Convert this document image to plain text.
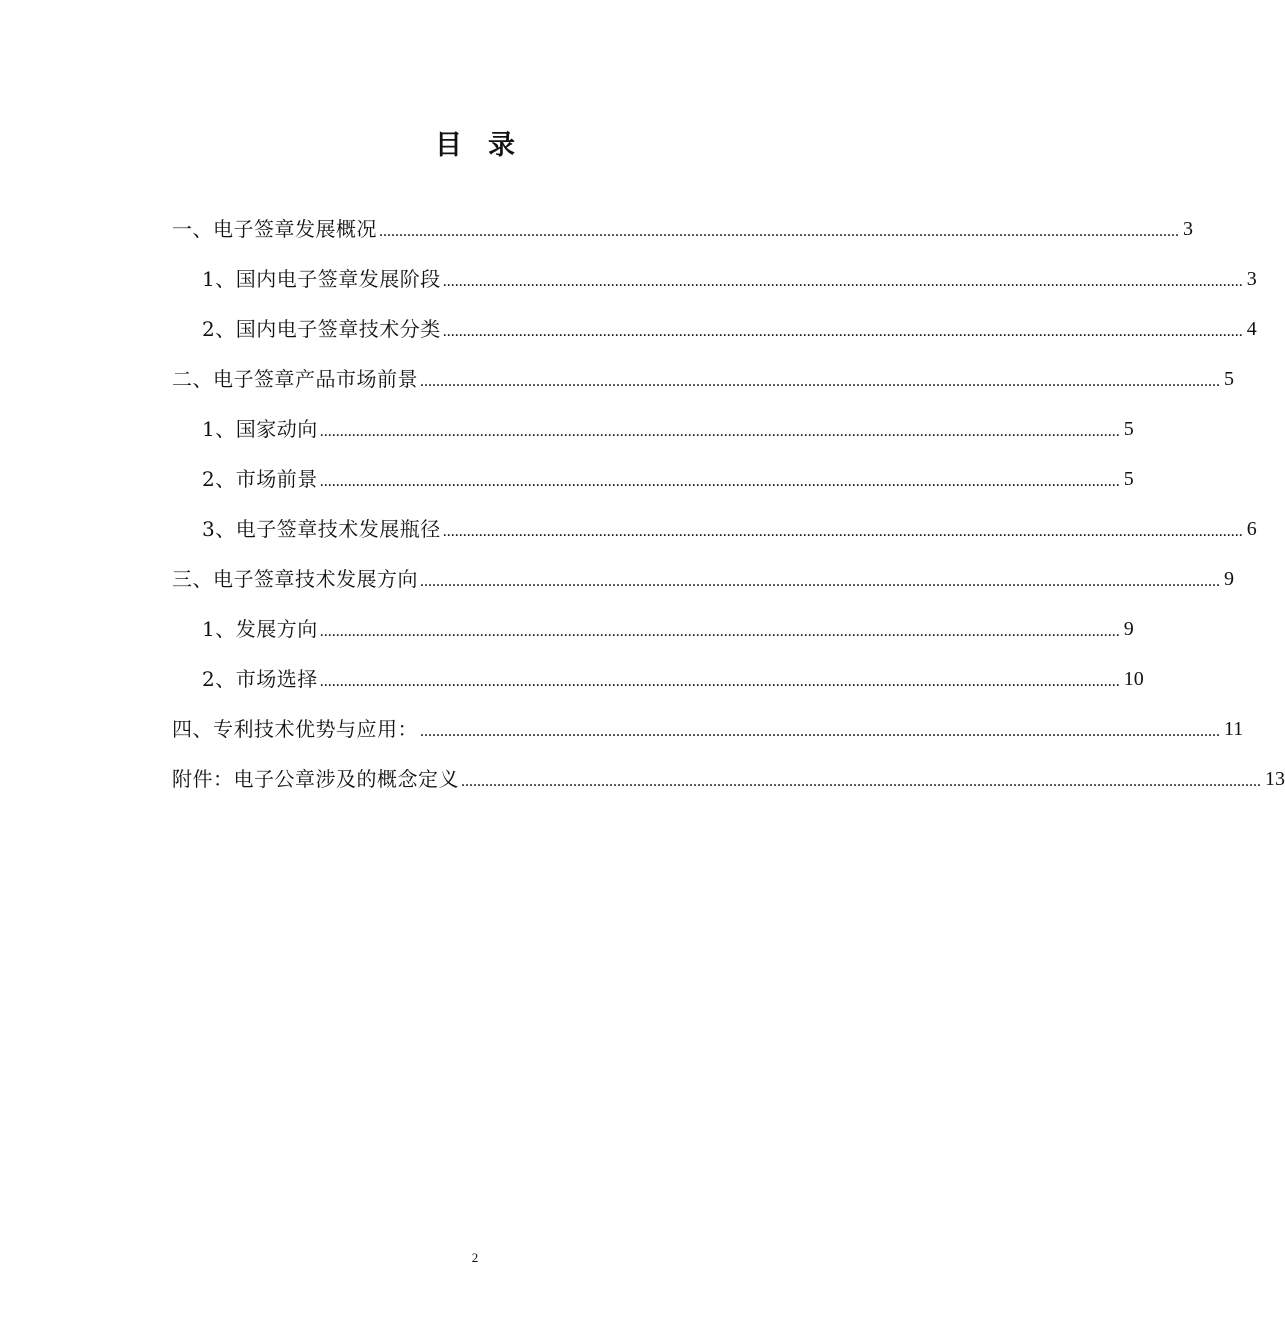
目录
一、电子签章发展概况 ........................................................................................................................................................................................................ 3
1、国内电子签章发展阶段 ........................................................................................................................................................................................................ 3
2、国内电子签章技术分类 ........................................................................................................................................................................................................ 4
二、电子签章产品市场前景 ........................................................................................................................................................................................................ 5
1、国家动向 ........................................................................................................................................................................................................ 5
2、市场前景 ........................................................................................................................................................................................................ 5
3、电子签章技术发展瓶径 ........................................................................................................................................................................................................ 6
三、电子签章技术发展方向 ........................................................................................................................................................................................................ 9
1、发展方向 ........................................................................................................................................................................................................ 9
2、市场选择 ........................................................................................................................................................................................................ 10
四、专利技术优势与应用： ........................................................................................................................................................................................................ 11
附件：电子公章涉及的概念定义 ........................................................................................................................................................................................................ 13
2
